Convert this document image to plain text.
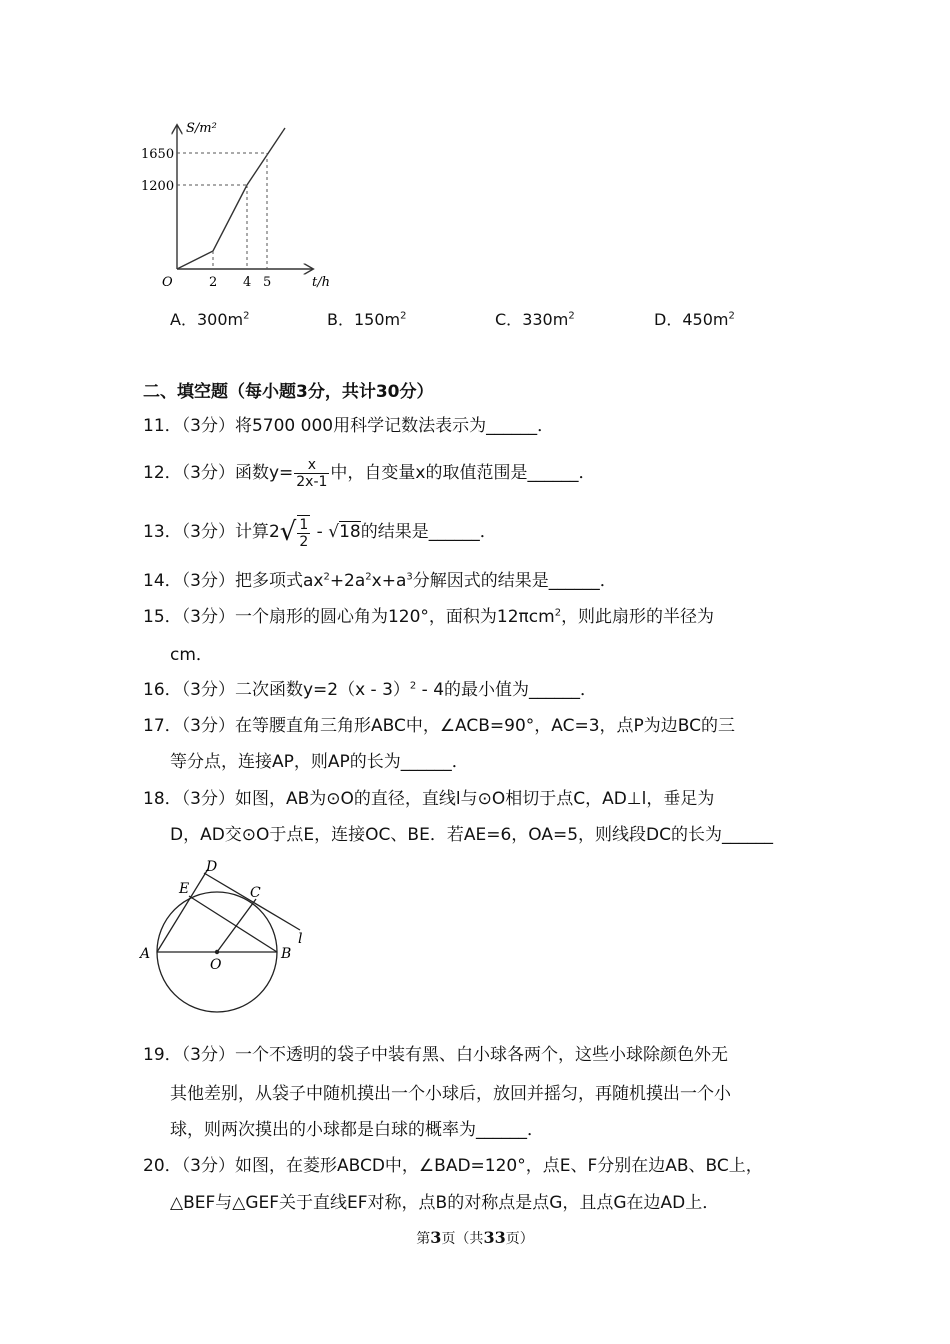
S/m²
1650
1200
O	2 4 5	t/h
A．$300m^2$	B．$150m^2$	C．$330m^2$	D．$450m^2$
二、填空题（每小题3分，共计30分）
11．（3分）将5700 000用科学记数法表示为______．
12．（3分）函数$y= \frac{x}{2x-1}$ 中，自变量x的取值范围是______．
13．（3分）计算$2√ \frac{1}{2} - √18$的结果是______．
14．（3分）把多项式$ax^2+2a^2x+a^3$分解因式的结果是______．
15．（3分）一个扇形的圆心角为120°，面积为12πcm$^2$，则此扇形的半径为
cm．
16．（3分）二次函数y=2（x - 3）$^2$ - 4的最小值为______．
17．（3分）在等腰直角三角形ABC中，∠ACB=90°，AC=3，点P为边BC的三
等分点，连接AP，则AP的长为______．
18．（3分）如图，AB为⊙O的直径，直线l与⊙O相切于点C，AD⊥l，垂足为
D，AD交⊙O于点E，连接OC、BE．若AE=6，OA=5，则线段DC的长为______
D
E	C
l
A
O
B
19．（3分）一个不透明的袋子中装有黑、白小球各两个，这些小球除颜色外无
其他差别，从袋子中随机摸出一个小球后，放回并摇匀，再随机摸出一个小
球，则两次摸出的小球都是白球的概率为______．
20．（3分）如图，在菱形ABCD中，∠BAD=120°，点E、F分别在边AB、BC上，
△BEF与△GEF关于直线EF对称，点B的对称点是点G，且点G在边AD上．
第3页（共33页）
